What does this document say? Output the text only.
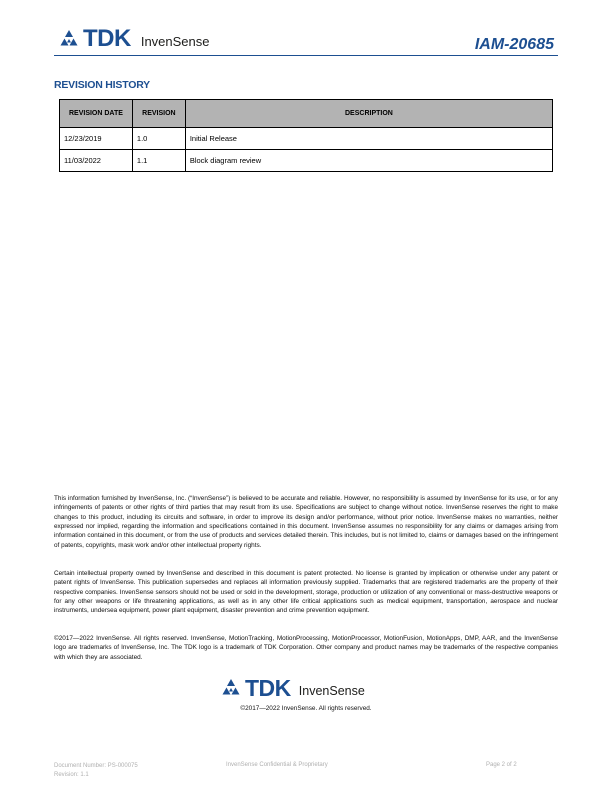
TDK InvenSense	IAM-20685
REVISION HISTORY
REVISION DATE	REVISION	DESCRIPTION
12/23/2019	1.0	Initial Release
11/03/2022	1.1	Block diagram review

This information furnished by InvenSense, Inc. (“InvenSense”) is believed to be accurate and reliable. However, no responsibility is assumed by InvenSense for its use, or for any infringements of patents or other rights of third parties that may result from its use. Specifications are subject to change without notice. InvenSense reserves the right to make changes to this product, including its circuits and software, in order to improve its design and/or performance, without prior notice. InvenSense makes no warranties, neither expressed nor implied, regarding the information and specifications contained in this document. InvenSense assumes no responsibility for any claims or damages arising from information contained in this document, or from the use of products and services detailed therein. This includes, but is not limited to, claims or damages based on the infringement of patents, copyrights, mask work and/or other intellectual property rights.

Certain intellectual property owned by InvenSense and described in this document is patent protected. No license is granted by implication or otherwise under any patent or patent rights of InvenSense. This publication supersedes and replaces all information previously supplied. Trademarks that are registered trademarks are the property of their respective companies. InvenSense sensors should not be used or sold in the development, storage, production or utilization of any conventional or mass-destructive weapons or for any other weapons or life threatening applications, as well as in any other life critical applications such as medical equipment, transportation, aerospace and nuclear instruments, undersea equipment, power plant equipment, disaster prevention and crime prevention equipment.

©2017—2022 InvenSense. All rights reserved. InvenSense, MotionTracking, MotionProcessing, MotionProcessor, MotionFusion, MotionApps, DMP, AAR, and the InvenSense logo are trademarks of InvenSense, Inc. The TDK logo is a trademark of TDK Corporation. Other company and product names may be trademarks of the respective companies with which they are associated.

TDK InvenSense
©2017—2022 InvenSense. All rights reserved.
Document Number: PS-000075
Revision: 1.1
InvenSense Confidential & Proprietary	Page 2 of 2
